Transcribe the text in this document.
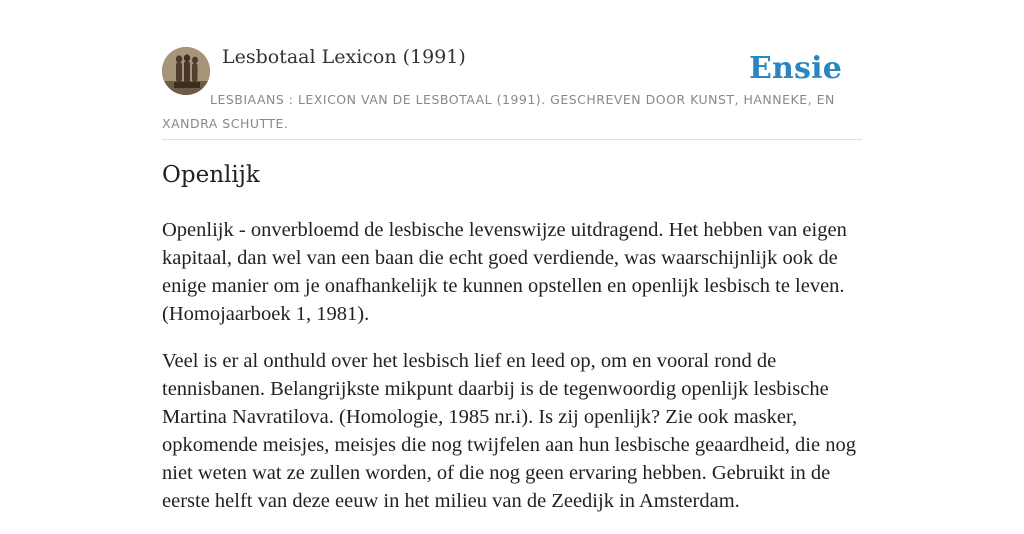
Lesbotaal Lexicon (1991)	Ensie
LESBIAANS : LEXICON VAN DE LESBOTAAL (1991). GESCHREVEN DOOR KUNST, HANNEKE, EN XANDRA SCHUTTE.
Openlijk

Openlijk - onverbloemd de lesbische levenswijze uitdragend. Het hebben van eigen kapitaal, dan wel van een baan die echt goed verdiende, was waarschijnlijk ook de enige manier om je onafhankelijk te kunnen opstellen en openlijk lesbisch te leven. (Homojaarboek 1, 1981).

Veel is er al onthuld over het lesbisch lief en leed op, om en vooral rond de tennisbanen. Belangrijkste mikpunt daarbij is de tegenwoordig openlijk lesbische Martina Navratilova. (Homologie, 1985 nr.i). Is zij openlijk? Zie ook masker, opkomende meisjes, meisjes die nog twijfelen aan hun lesbische geaardheid, die nog niet weten wat ze zullen worden, of die nog geen ervaring hebben. Gebruikt in de eerste helft van deze eeuw in het milieu van de Zeedijk in Amsterdam.
